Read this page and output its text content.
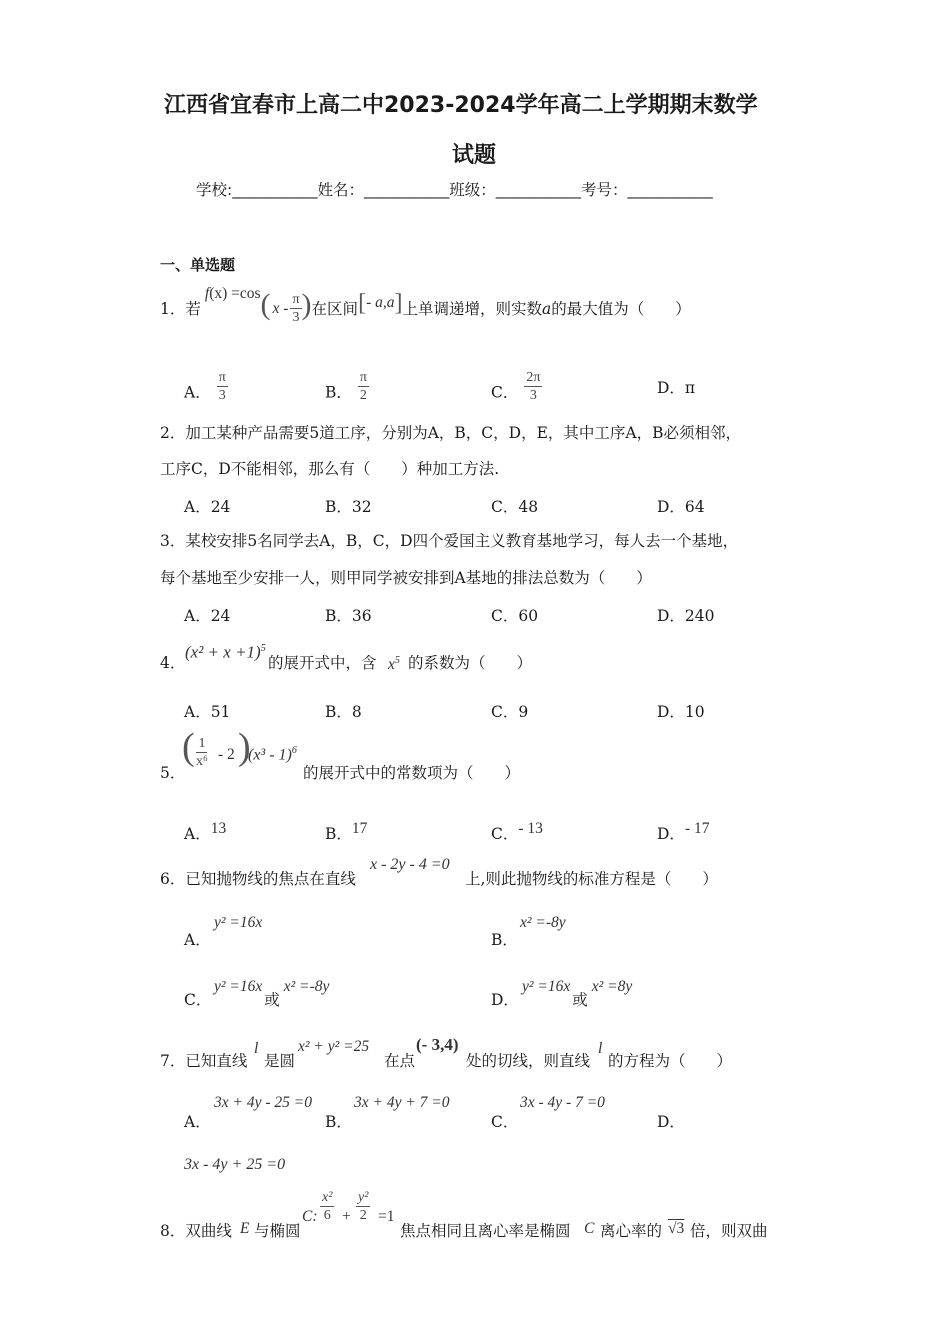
江西省宜春市上高二中2023-2024学年高二上学期期末数学
试题
学校:___________姓名：___________班级：___________考号：___________
一、单选题
1．若
f(x) =cos ( x - $\frac{\pi}{3}$ ) 在区间 [ - a,a ] 上单调递增，则实数 a 的最大值为（　　）
A． $\frac{\pi}{3}$	B． $\frac{\pi}{2}$	C． $\frac{2\pi}{3}$	D．π
2．加工某种产品需要5道工序，分别为A，B，C，D，E，其中工序A，B必须相邻，
工序C，D不能相邻，那么有（　　）种加工方法.
A．24	B．32	C．48	D．64
3．某校安排5名同学去A，B，C，D四个爱国主义教育基地学习，每人去一个基地，
每个基地至少安排一人，则甲同学被安排到A基地的排法总数为（　　）
A．24	B．36	C．60	D．240
4．
$(x^2 + x +1)^5$
的展开式中，含 $x^5$ 的系数为（　　）
A．51	B．8	C．9	D．10
5．
( $\frac{1}{\text{x⁶}} - 2$ )
(x³ - 1)$^6$
的展开式中的常数项为（　　）
A．13	B．17	C．- 13	D．- 17
6．已知抛物线的焦点在直线
x - 2y - 4 =0
上,则此抛物线的标准方程是（　　）
A．
y² =16x
B．
x² =-8y
C．
y² =16x或x² =-8y
D．
y² =16x或x² =8y
7．已知直线
l
是圆
x² + y² =25
在点
(- 3,4)
处的切线，则直线
l
的方程为（　　）
A．
3x + 4y - 25 =0
B．
3x + 4y + 7 =0
C．
3x - 4y - 7 =0
D．
3x - 4y + 25 =0
8．双曲线 E 与椭圆
C: $\frac{\text{x²}}{6} + \frac{\text{y²}}{2} =1$
焦点相同且离心率是椭圆 C 离心率的 √3 倍，则双曲
